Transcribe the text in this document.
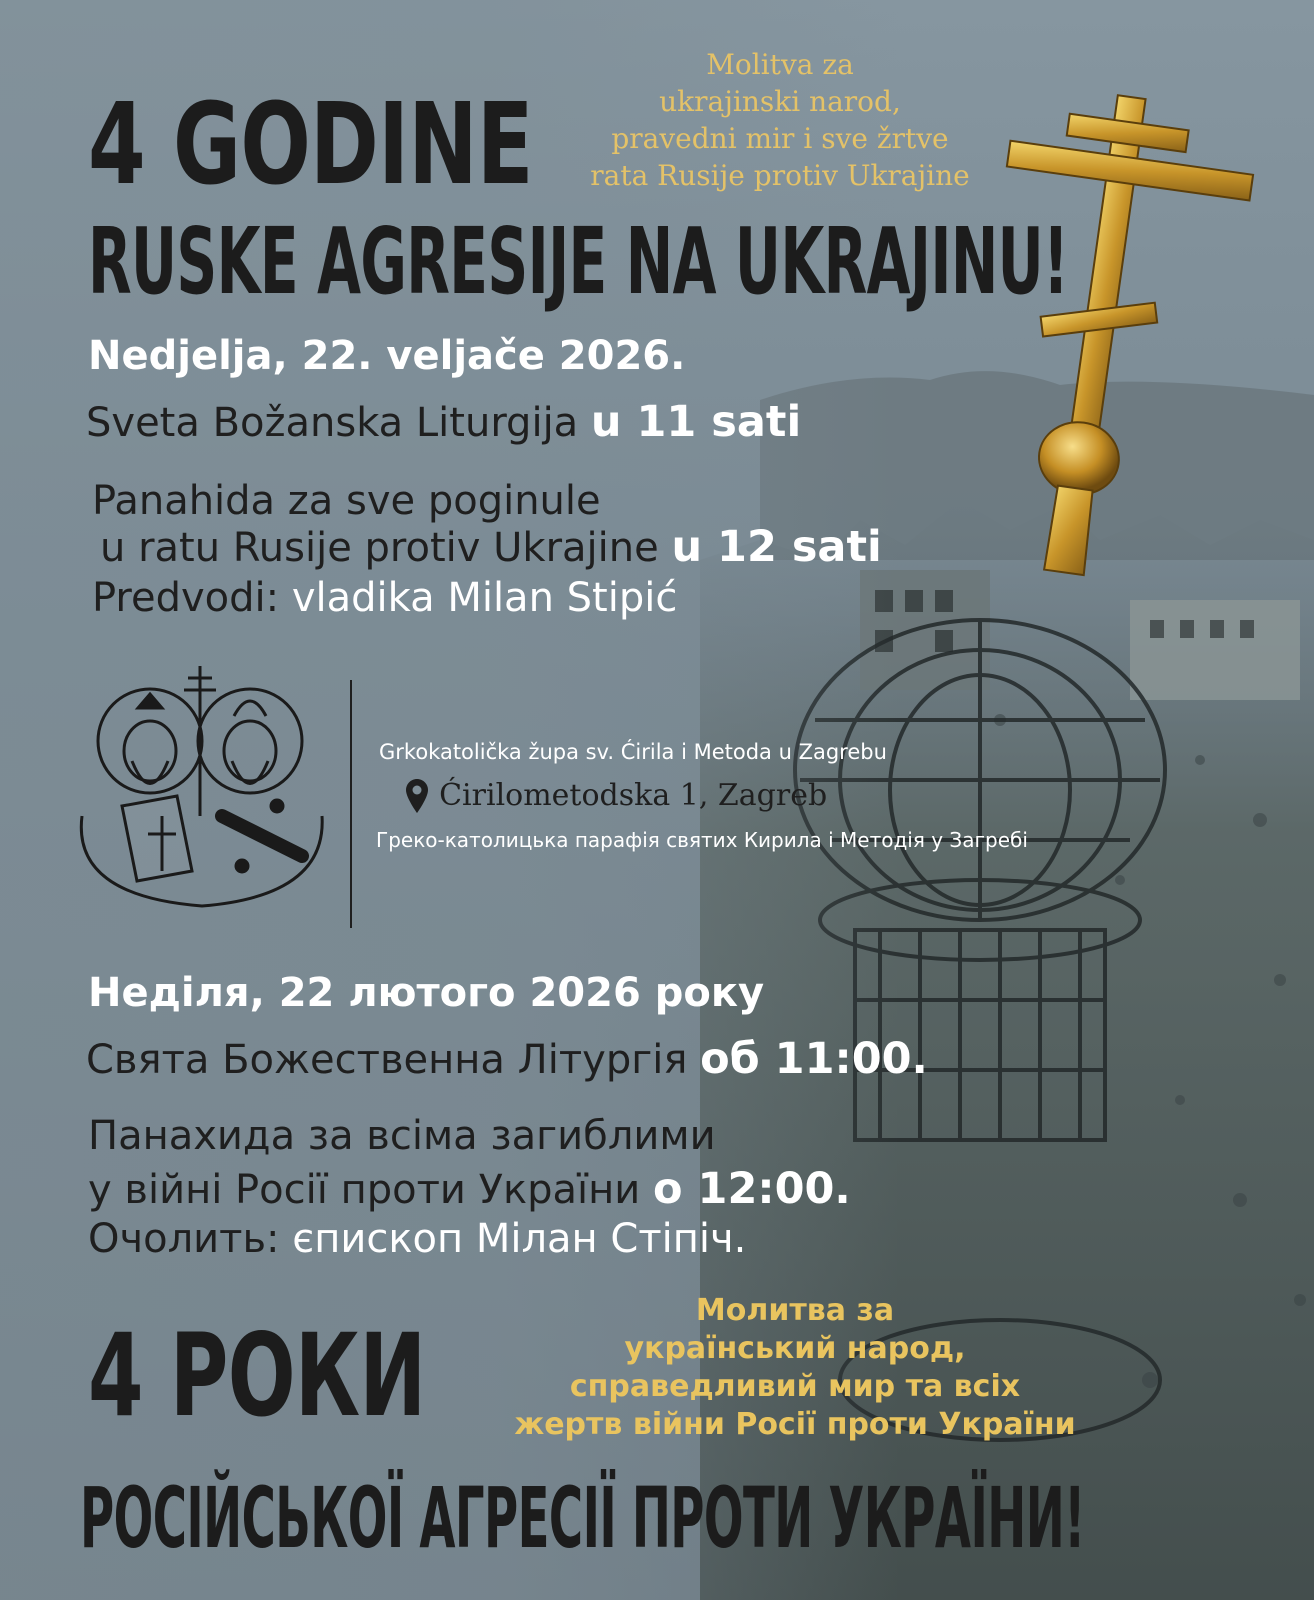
4 GODINE
RUSKE AGRESIJE NA UKRAJINU!
Molitva za
ukrajinski narod,
pravedni mir i sve žrtve
rata Rusije protiv Ukrajine
Nedjelja, 22. veljače 2026.
Sveta Božanska Liturgija u 11 sati
Panahida za sve poginule
u ratu Rusije protiv Ukrajine u 12 sati
Predvodi: vladika Milan Stipić
Grkokatolička župa sv. Ćirila i Metoda u Zagrebu
Ćirilometodska 1, Zagreb
Греко-католицька парафія святих Кирила і Методія у Загребі
Неділя, 22 лютого 2026 року
Свята Божественна Літургія об 11:00.
Панахида за всіма загиблими
у війні Росії проти України о 12:00.
Очолить: єпископ Мілан Стіпіч.
Молитва за
український народ,
справедливий мир та всіх
жертв війни Росії проти України
4 РОКИ
РОСІЙСЬКОЇ АГРЕСІЇ ПРОТИ УКРАЇНИ!
